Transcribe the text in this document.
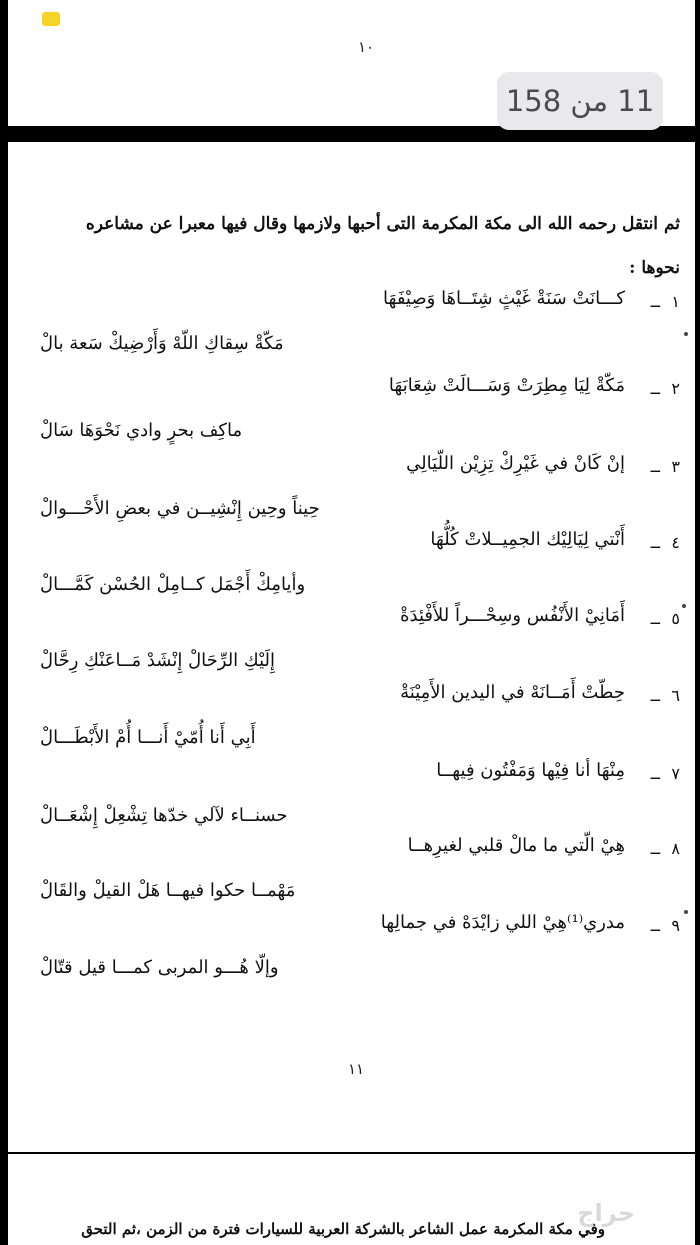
١٠
11 من 158
ثم انتقل رحمه الله الى مكة المكرمة التى أحبها ولازمها وقال فيها معبرا عن مشاعره
نحوها :
١
ــ
كـــانَتْ سَنَةْ غَيْثٍ شِتَــاهَا وَصِيْفَهَا
مَكّةْ سِقاكِ اللّهْ وَأَرْضِيكْ سَعة بالْ
٢
ــ
مَكّةْ لِيَا مِطِرَتْ وَسَـــالَتْ شِعَابَهَا
ماكِف بحرٍ وادي نَحْوَهَا سَالْ
٣
ــ
إنْ كَانْ في غَيْرِكْ تِزِيْن اللّيَالِي
حِيناً وحِين إِنْشِيــن في بعضِ الأَحْـــوالْ
٤
ــ
أَنْتي لِيَالِيْك الجمِيــلاتْ كُلُّهَا
وأيامِكْ أَجْمَل كــامِلْ الحُسْن كَمَّـــالْ
٥
ــ
أَمَانِيْ الأَنْفُس وسِحْـــراً للأَفْئِدَةْ
إِلَيْكِ الرِّحَالْ إِنْشَدْ مَــاعَنْكِ رِحَّالْ
٦
ــ
حِطّتْ أَمَــانَهْ في اليدين الأَمِيْنَةْ
أَبِي أَنا أُمّيْ أَنـــا أُمْ الأَبْطَـــالْ
٧
ــ
مِنْهَا أنا فِيْها وَمَفْتُون فِيهــا
حسنــاء لآلي خدّها تِشْعِلْ إِشْعَــالْ
٨
ــ
هِيْ الّتي ما مالْ قلبي لغيرِهــا
مَهْمــا حكوا فيهــا هَلْ القيلْ والقَالْ
٩
ــ
مدري⁽¹⁾هِيْ اللي زايْدَهْ في جمالِها
وإلّا هُـــو المربى كمـــا قيل قتّالْ
١١
حراج
وفي مكة المكرمة عمل الشاعر بالشركة العربية للسيارات فترة من الزمن ،ثم التحق
